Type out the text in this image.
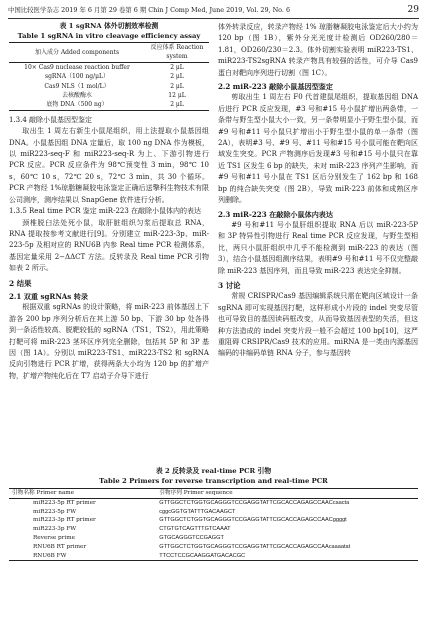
中国比较医学杂志 2019 年 6 月第 29 卷第 6 期 Chin J Comp Med, June 2019, Vol. 29, No. 6	29
表 1 sgRNA 体外切割效率检测
Table 1 sgRNA in vitro cleavage efficiency assay
加入成分 Added components	反应体系 Reaction system
10× Cas9 nuclease reaction buffer	2 μL
sgRNA（100 ng/μL）	2 μL
Cas9 NLS（1 mol/L）	2 μL
去核酸酶水	12 μL
底物 DNA（500 ng）	2 μL

1.3.4 敲除小鼠基因型鉴定

取出生 1 周左右新生小鼠尾组织，用上法提取小鼠基因组 DNA。小鼠基因组 DNA 定量后，取 100 ng DNA 作为模板，以 miR223-seq-F 和 miR223-seq-R 为上、下游引物进行 PCR 反应。PCR 反应条件为 98℃预变性 3 min，98℃ 10 s，60℃ 10 s，72℃ 20 s，72℃ 3 min，共 30 个循环。PCR 产物经 1%琼脂糖凝胶电泳鉴定正确后送擎科生物技术有限公司测序，测序结果以 SnapGene 软件进行分析。

1.3.5 Real time PCR 鉴定 miR-223 在敲除小鼠体内的表达

颈椎脱臼法处死小鼠，取肝脏组织匀浆后提取总 RNA，RNA 提取按参考文献进行[9]。分别建立 miR-223-3p、miR-223-5p 及相对应的 RNU6B 内参 Real time PCR 检测体系，基因定量采用 2−ΔΔCT 方法。反转录及 Real time PCR 引物如表 2 所示。

2 结果

2.1 双重 sgRNAs 转录

根据双重 sgRNAs 的设计策略，将 miR-223 前体基因上下游各 200 bp 序列分析后在其上游 50 bp、下游 30 bp 处各得到一条活性较高、脱靶较低的 sgRNA（TS1，TS2），用此策略打靶可将 miR-223 茎环区序列完全删除，包括其 5P 和 3P 基因（图 1A）。分别以 miR223-TS1、miR223-TS2 和 sgRNA 反向引物进行 PCR 扩增，获得两条大小均为 120 bp 的扩增产物，扩增产物纯化后在 T7 启动子介导下进行

体外转录反应，转录产物经 1% 琼脂糖凝胶电泳鉴定后大小约为 120 bp（图 1B），紫外分光光度计检测后 OD260/280＝1.81，OD260/230＝2.3。体外切割实验表明 miR223-TS1、miR223-TS2sgRNA 转录产物具有较强的活性，可介导 Cas9 蛋白对靶向序列进行切割（图 1C）。

2.2 miR-223 敲除小鼠基因型鉴定

剪取出生 1 周左右 F0 代首建鼠尾组织，提取基因组 DNA 后进行 PCR 反应发现，#3 号和#15 号小鼠扩增出两条带，一条带与野生型小鼠大小一致，另一条带明显小于野生型小鼠，而#9 号和#11 号小鼠只扩增出小于野生型小鼠的单一条带（图 2A），表明#3 号、#9 号、#11 号和#15 号小鼠可能在靶向区域发生突变。PCR 产物测序后发现#3 号和#15 号小鼠只在靠近 TS1 区发生 6 bp 的缺失，未对 miR-223 序列产生影响，而#9 号和#11 号小鼠在 TS1 区后分别发生了 162 bp 和 168 bp 的纯合缺失突变（图 2B），导致 miR-223 前体和成熟区序列删除。

2.3 miR-223 在敲除小鼠体内表达

#9 号和#11 号小鼠肝组织提取 RNA 后以 miR-223-5P 和 3P 特异性引物进行 Real time PCR 反应发现，与野生型相比，两只小鼠肝组织中几乎不能检测到 miR-223 的表达（图 3），结合小鼠基因组测序结果，表明#9 号和#11 号不仅完整敲除 miR-223 基因序列，而且导致 miR-223 表达完全抑制。

3 讨论

常规 CRISPR/Cas9 基因编辑系统只需在靶向区域设计一条 sgRNA 即可实现基因打靶，这样形成小片段的 indel 突变尽管也可导致目的基因读码框改变，从而导致基因表型的失活，但这种方法造成的 indel 突变片段一般不会超过 100 bp[10]，这严重阻碍 CRSIPR/Cas9 技术的应用。miRNA 是一类由内源基因编码的非编码单链 RNA 分子，参与基因转

表 2 反转录及 real-time PCR 引物
Table 2 Primers for reverse transcription and real-time PCR
引物名称 Primer name	引物序列 Primer sequence
miR223-5p RT primer	GTTGGCTCTGGTGCAGGGTCCGAGGTATTCGCACCAGAGCCAACcaacta
miR223-5p FW	cggcGGTGTATTTGACAAGCT
miR223-3p RT primer	GTTGGCTCTGGTGCAGGGTCCGAGGTATTCGCACCAGAGCCAACggggt
miR223-3p FW	CTGTGTCAGTTTGTCAAAT
Reverse prime	GTGCAGGGTCCGAGGT
RNU6B RT primer	GTTGGCTCTGGTGCAGGGTCCGAGGTATTCGCACCAGAGCCAAcaaaatat
RNU6B FW	TTCCTCCGCAAGGATGACACGC
